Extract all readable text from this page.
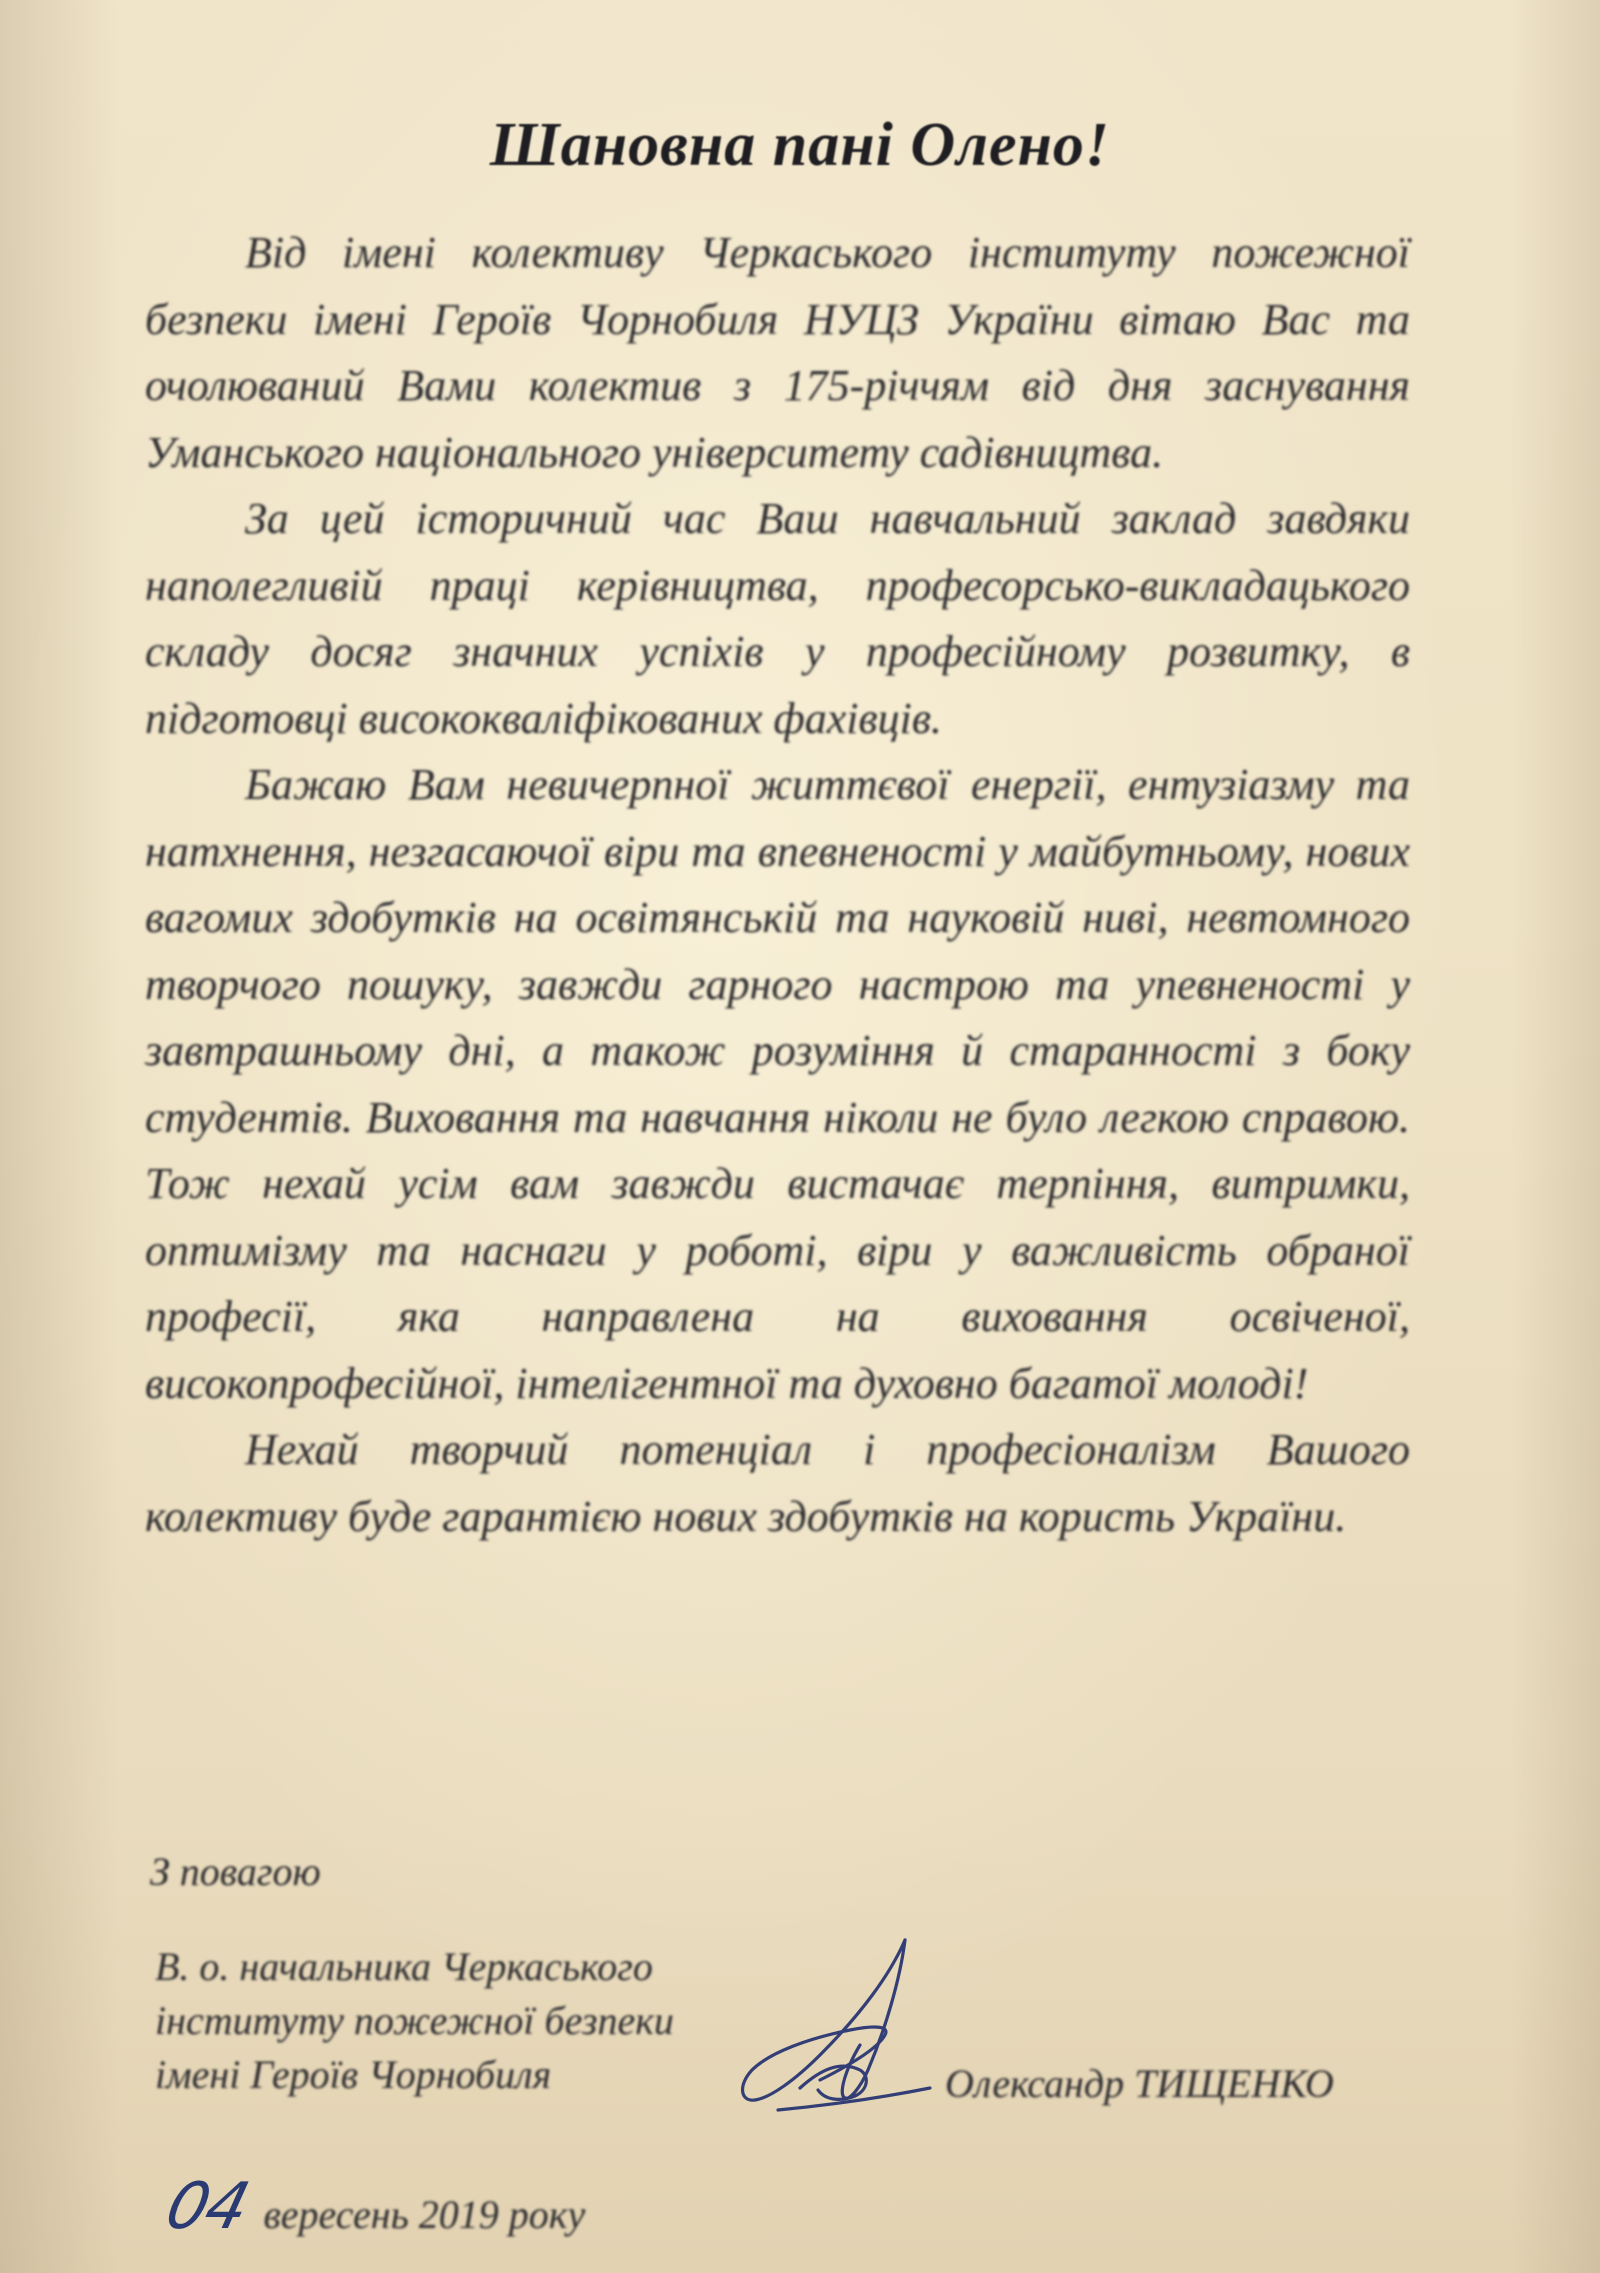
Шановна пані Олено!

Від імені колективу Черкаського інституту пожежної безпеки імені Героїв Чорнобиля НУЦЗ України вітаю Вас та очолюваний Вами колектив з 175-річчям від дня заснування Уманського національного університету садівництва.

За цей історичний час Ваш навчальний заклад завдяки наполегливій праці керівництва, професорсько-викладацького складу досяг значних успіхів у професійному розвитку, в підготовці висококваліфікованих фахівців.

Бажаю Вам невичерпної життєвої енергії, ентузіазму та натхнення, незгасаючої віри та впевненості у майбутньому, нових вагомих здобутків на освітянській та науковій ниві, невтомного творчого пошуку, завжди гарного настрою та упевненості у завтрашньому дні, а також розуміння й старанності з боку студентів. Виховання та навчання ніколи не було легкою справою. Тож нехай усім вам завжди вистачає терпіння, витримки, оптимізму та наснаги у роботі, віри у важливість обраної професії, яка направлена на виховання освіченої, високопрофесійної, інтелігентної та духовно багатої молоді!

Нехай творчий потенціал і професіоналізм Вашого колективу буде гарантією нових здобутків на користь України.

З повагою
В. о. начальника Черкаського
інституту пожежної безпеки
імені Героїв Чорнобиля	Олександр ТИЩЕНКО
04 вересень 2019 року
